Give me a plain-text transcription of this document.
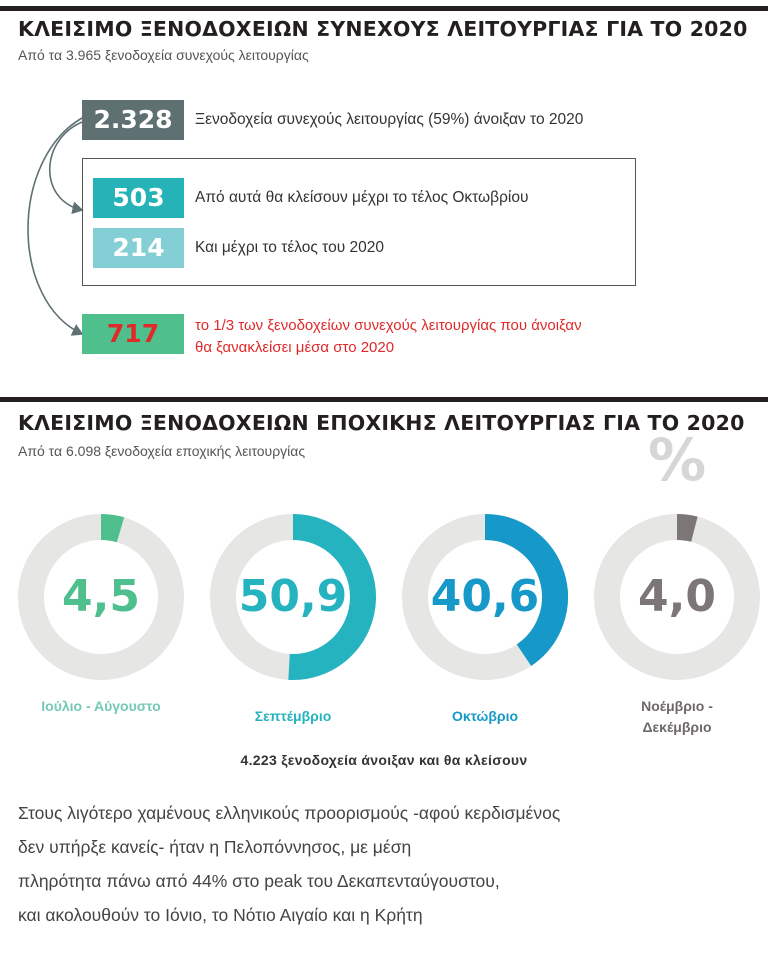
ΚΛΕΙΣΙΜΟ ΞΕΝΟΔΟΧΕΙΩΝ ΣΥΝΕΧΟΥΣ ΛΕΙΤΟΥΡΓΙΑΣ ΓΙΑ ΤΟ 2020
Από τα 3.965 ξενοδοχεία συνεχούς λειτουργίας
2.328	Ξενοδοχεία συνεχούς λειτουργίας (59%) άνοιξαν το 2020
503	Από αυτά θα κλείσουν μέχρι το τέλος Οκτωβρίου
214	Και μέχρι το τέλος του 2020
717	το 1/3 των ξενοδοχείων συνεχούς λειτουργίας που άνοιξαν
θα ξανακλείσει μέσα στο 2020
ΚΛΕΙΣΙΜΟ ΞΕΝΟΔΟΧΕΙΩΝ ΕΠΟΧΙΚΗΣ ΛΕΙΤΟΥΡΓΙΑΣ ΓΙΑ ΤΟ 2020
Από τα 6.098 ξενοδοχεία εποχικής λειτουργίας	%
4,5	50,9	40,6	4,0
Ιούλιο - Αύγουστο
Σεπτέμβριο	Οκτώβριο
Νοέμβριο -
Δεκέμβριο
4.223 ξενοδοχεία άνοιξαν και θα κλείσουν
Στους λιγότερο χαμένους ελληνικούς προορισμούς -αφού κερδισμένος
δεν υπήρξε κανείς- ήταν η Πελοπόννησος, με μέση
πληρότητα πάνω από 44% στο peak του Δεκαπενταύγουστου,
και ακολουθούν το Ιόνιο, το Νότιο Αιγαίο και η Κρήτη
